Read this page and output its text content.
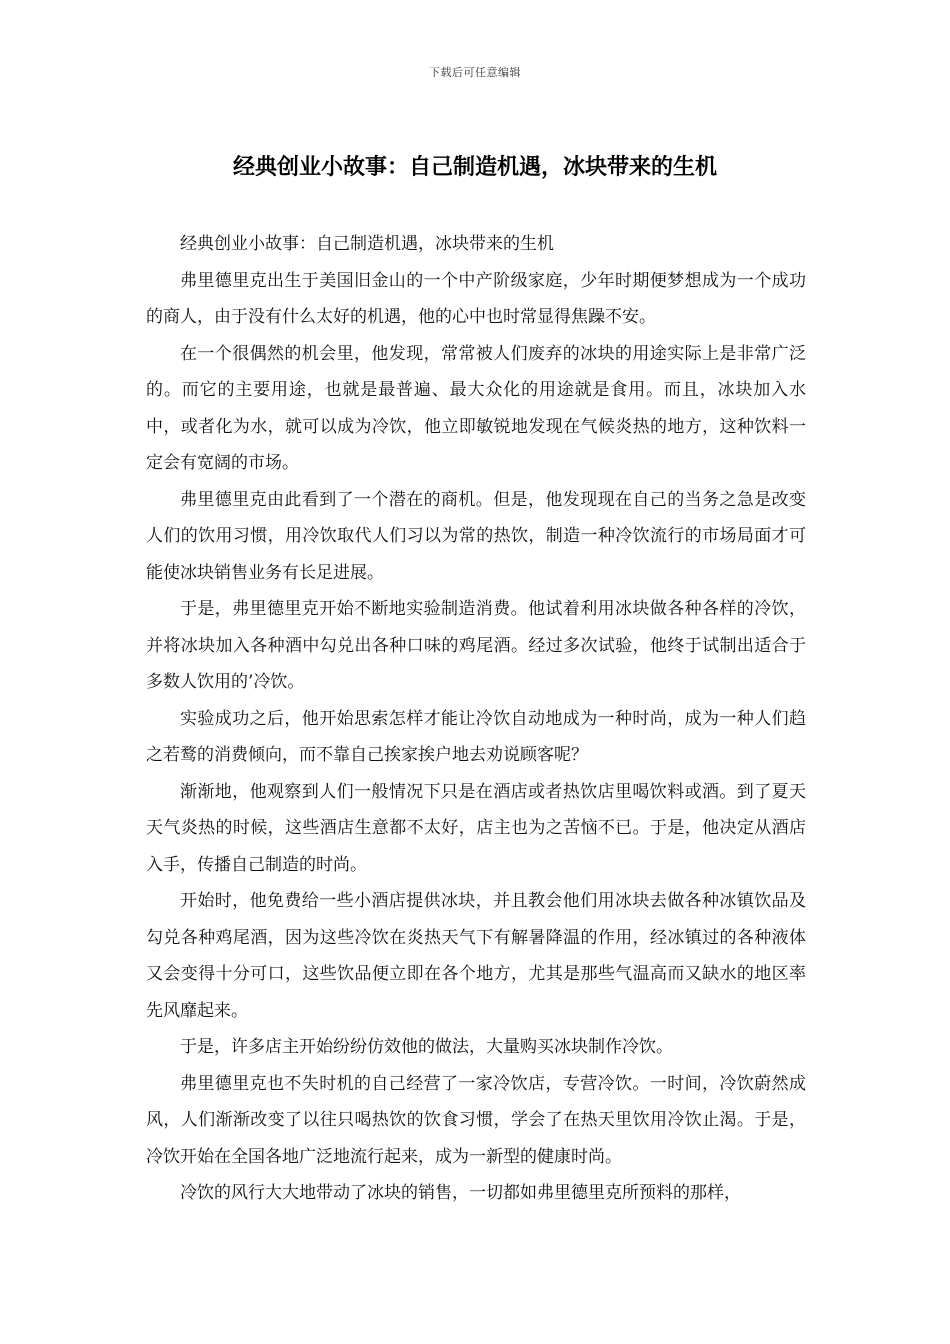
下载后可任意编辑
经典创业小故事：自己制造机遇，冰块带来的生机

经典创业小故事：自己制造机遇，冰块带来的生机

弗里德里克出生于美国旧金山的一个中产阶级家庭，少年时期便梦想成为一个成功的商人，由于没有什么太好的机遇，他的心中也时常显得焦躁不安。

在一个很偶然的机会里，他发现，常常被人们废弃的冰块的用途实际上是非常广泛的。而它的主要用途，也就是最普遍、最大众化的用途就是食用。而且，冰块加入水中，或者化为水，就可以成为冷饮，他立即敏锐地发现在气候炎热的地方，这种饮料一定会有宽阔的市场。

弗里德里克由此看到了一个潜在的商机。但是，他发现现在自己的当务之急是改变人们的饮用习惯，用冷饮取代人们习以为常的热饮，制造一种冷饮流行的市场局面才可能使冰块销售业务有长足进展。

于是，弗里德里克开始不断地实验制造消费。他试着利用冰块做各种各样的冷饮，并将冰块加入各种酒中勾兑出各种口味的鸡尾酒。经过多次试验，他终于试制出适合于多数人饮用的’冷饮。

实验成功之后，他开始思索怎样才能让冷饮自动地成为一种时尚，成为一种人们趋之若鹜的消费倾向，而不靠自己挨家挨户地去劝说顾客呢？

渐渐地，他观察到人们一般情况下只是在酒店或者热饮店里喝饮料或酒。到了夏天天气炎热的时候，这些酒店生意都不太好，店主也为之苦恼不已。于是，他决定从酒店入手，传播自己制造的时尚。

开始时，他免费给一些小酒店提供冰块，并且教会他们用冰块去做各种冰镇饮品及勾兑各种鸡尾酒，因为这些冷饮在炎热天气下有解暑降温的作用，经冰镇过的各种液体又会变得十分可口，这些饮品便立即在各个地方，尤其是那些气温高而又缺水的地区率先风靡起来。

于是，许多店主开始纷纷仿效他的做法，大量购买冰块制作冷饮。

弗里德里克也不失时机的自己经营了一家冷饮店，专营冷饮。一时间，冷饮蔚然成风，人们渐渐改变了以往只喝热饮的饮食习惯，学会了在热天里饮用冷饮止渴。于是，冷饮开始在全国各地广泛地流行起来，成为一新型的健康时尚。

冷饮的风行大大地带动了冰块的销售，一切都如弗里德里克所预料的那样，
